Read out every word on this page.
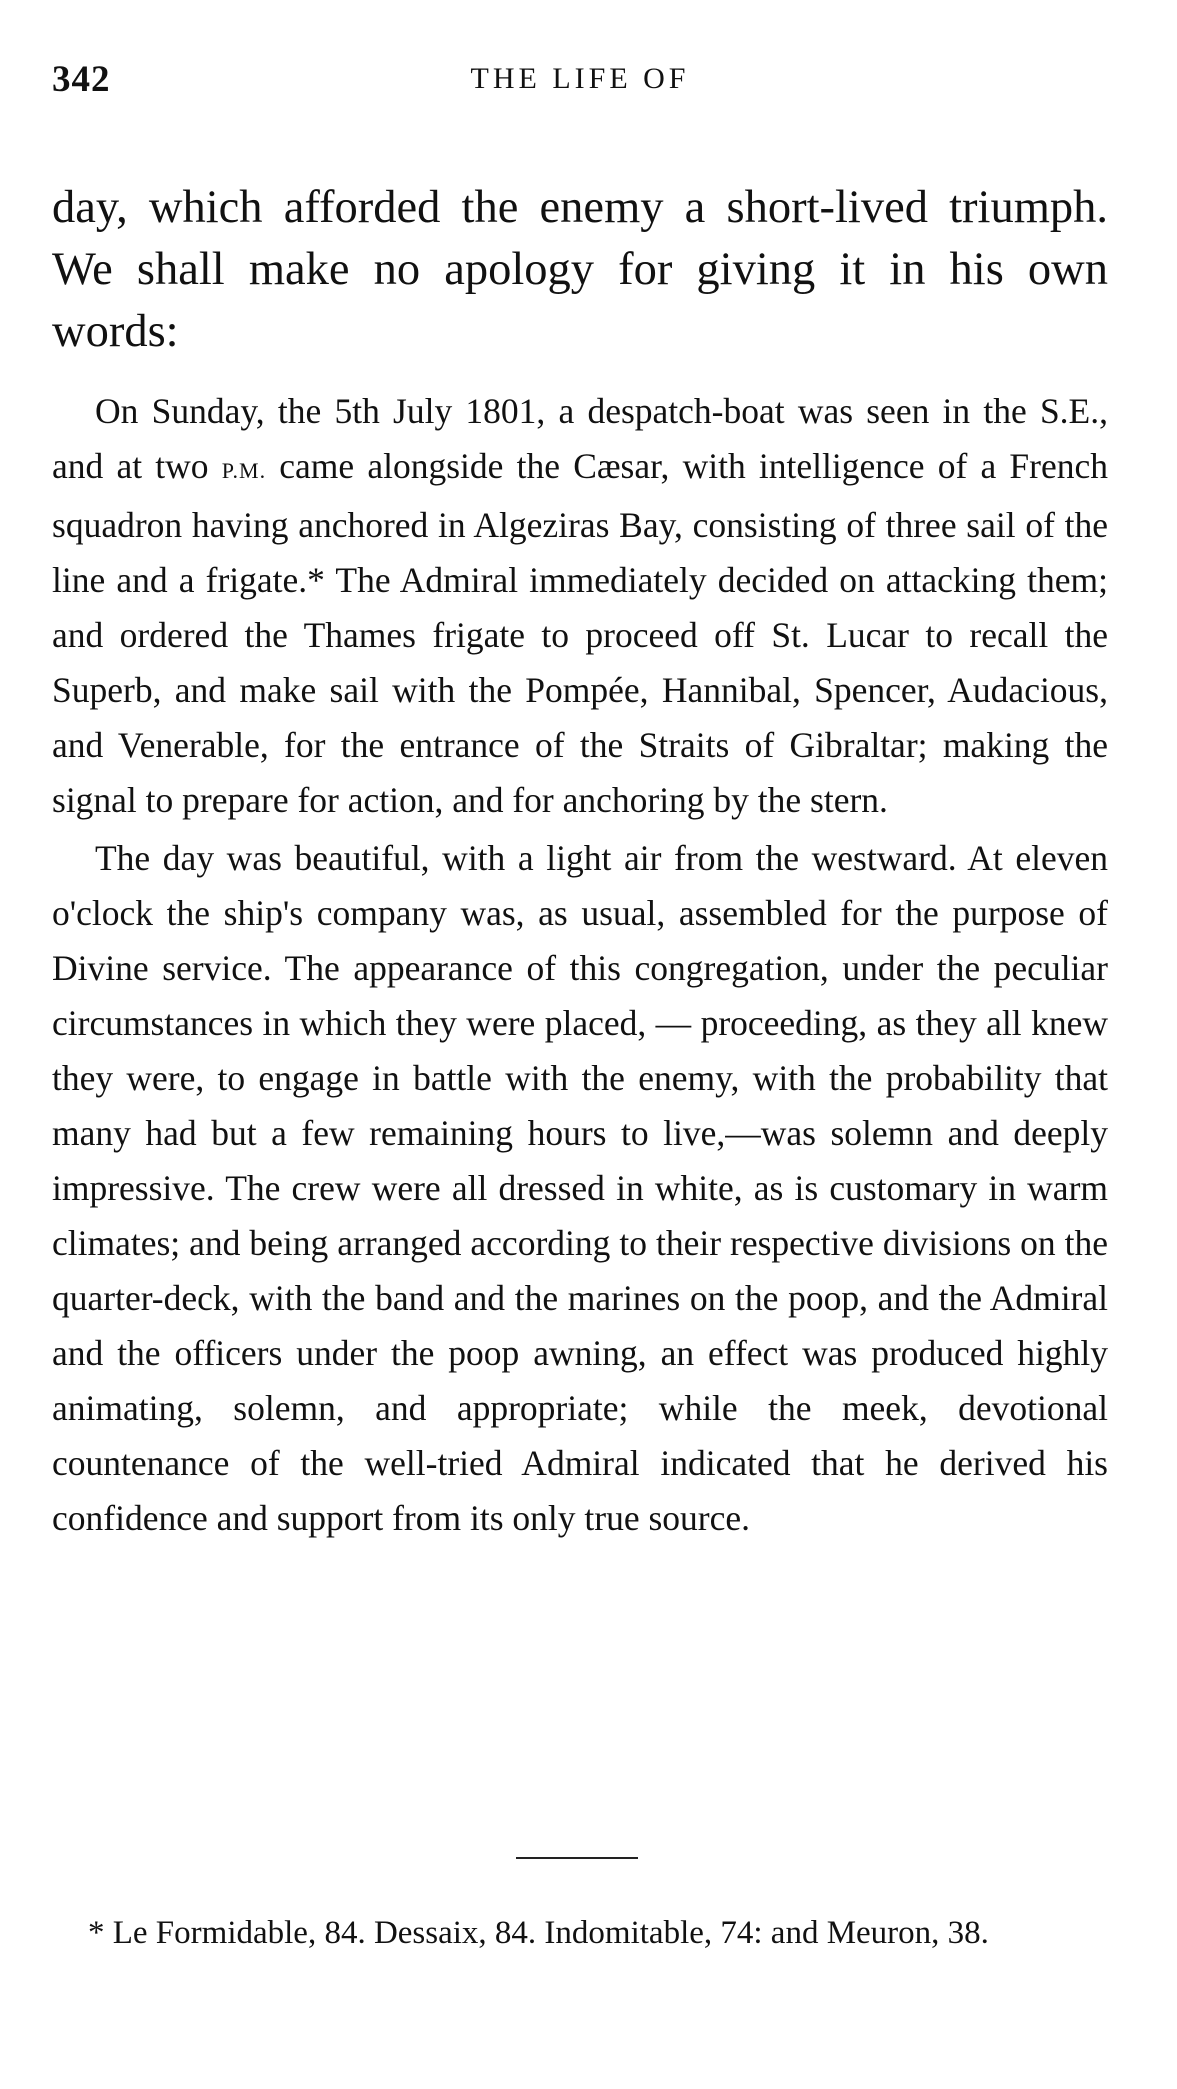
342	THE LIFE OF

day, which afforded the enemy a short-lived triumph. We shall make no apology for giving it in his own words:

On Sunday, the 5th July 1801, a despatch-boat was seen in the S.E., and at two P.M. came alongside the Cæsar, with intelligence of a French squadron having anchored in Algeziras Bay, consisting of three sail of the line and a frigate.* The Admiral immediately decided on attacking them; and ordered the Thames frigate to proceed off St. Lucar to recall the Superb, and make sail with the Pompée, Hannibal, Spencer, Audacious, and Venerable, for the entrance of the Straits of Gibraltar; making the signal to prepare for action, and for anchoring by the stern.

The day was beautiful, with a light air from the westward. At eleven o'clock the ship's company was, as usual, assembled for the purpose of Divine service. The appearance of this congregation, under the peculiar circumstances in which they were placed, — proceeding, as they all knew they were, to engage in battle with the enemy, with the probability that many had but a few remaining hours to live,—was solemn and deeply impressive. The crew were all dressed in white, as is customary in warm climates; and being arranged according to their respective divisions on the quarter-deck, with the band and the marines on the poop, and the Admiral and the officers under the poop awning, an effect was produced highly animating, solemn, and appropriate; while the meek, devotional countenance of the well-tried Admiral indicated that he derived his confidence and support from its only true source.

* Le Formidable, 84. Dessaix, 84. Indomitable, 74: and Meuron, 38.
